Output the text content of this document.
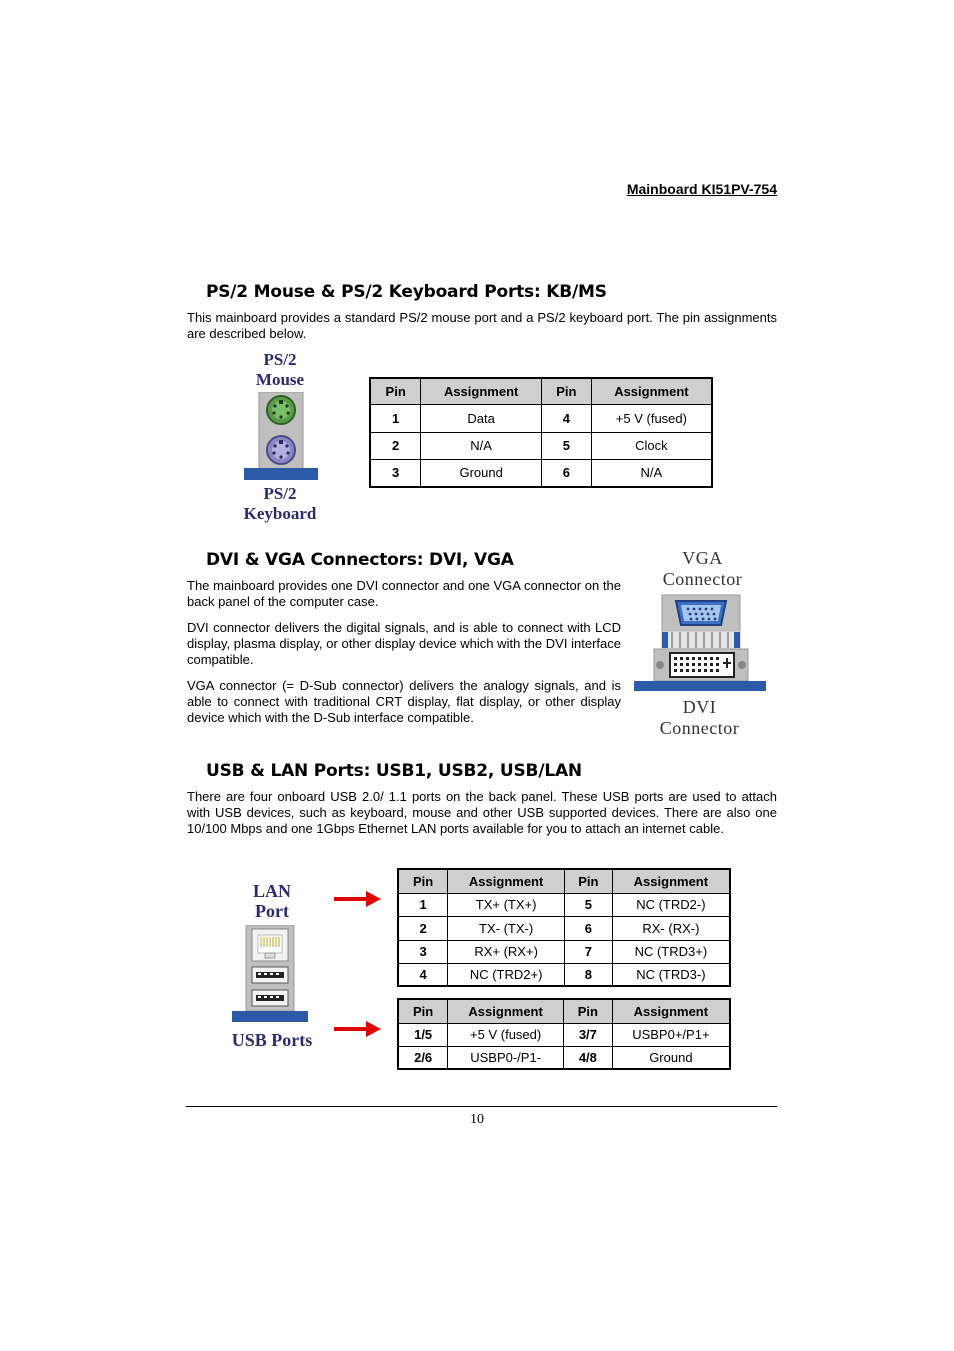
Mainboard KI51PV-754
PS/2 Mouse & PS/2 Keyboard Ports: KB/MS
This mainboard provides a standard PS/2 mouse port and a PS/2 keyboard port. The pin assignments are described below.
PS/2
Mouse
PS/2
Keyboard
Pin	Assignment	Pin	Assignment
1	Data	4	+5 V (fused)
2	N/A	5	Clock
3	Ground	6	N/A
DVI & VGA Connectors: DVI, VGA
The mainboard provides one DVI connector and one VGA connector on the back panel of the computer case.
DVI connector delivers the digital signals, and is able to connect with LCD display, plasma display, or other display device which with the DVI interface compatible.
VGA connector (= D-Sub connector) delivers the analogy signals, and is able to connect with traditional CRT display, flat display, or other display device which with the D-Sub interface compatible.
VGA
Connector
DVI
Connector
USB & LAN Ports: USB1, USB2, USB/LAN
There are four onboard USB 2.0/ 1.1 ports on the back panel. These USB ports are used to attach with USB devices, such as keyboard, mouse and other USB supported devices. There are also one 10/100 Mbps and one 1Gbps Ethernet LAN ports available for you to attach an internet cable.
LAN
Port
USB Ports
Pin	Assignment	Pin	Assignment
1	TX+ (TX+)	5	NC (TRD2-)
2	TX- (TX-)	6	RX- (RX-)
3	RX+ (RX+)	7	NC (TRD3+)
4	NC (TRD2+)	8	NC (TRD3-)
Pin	Assignment	Pin	Assignment
1/5	+5 V (fused)	3/7	USBP0+/P1+
2/6	USBP0-/P1-	4/8	Ground
10
